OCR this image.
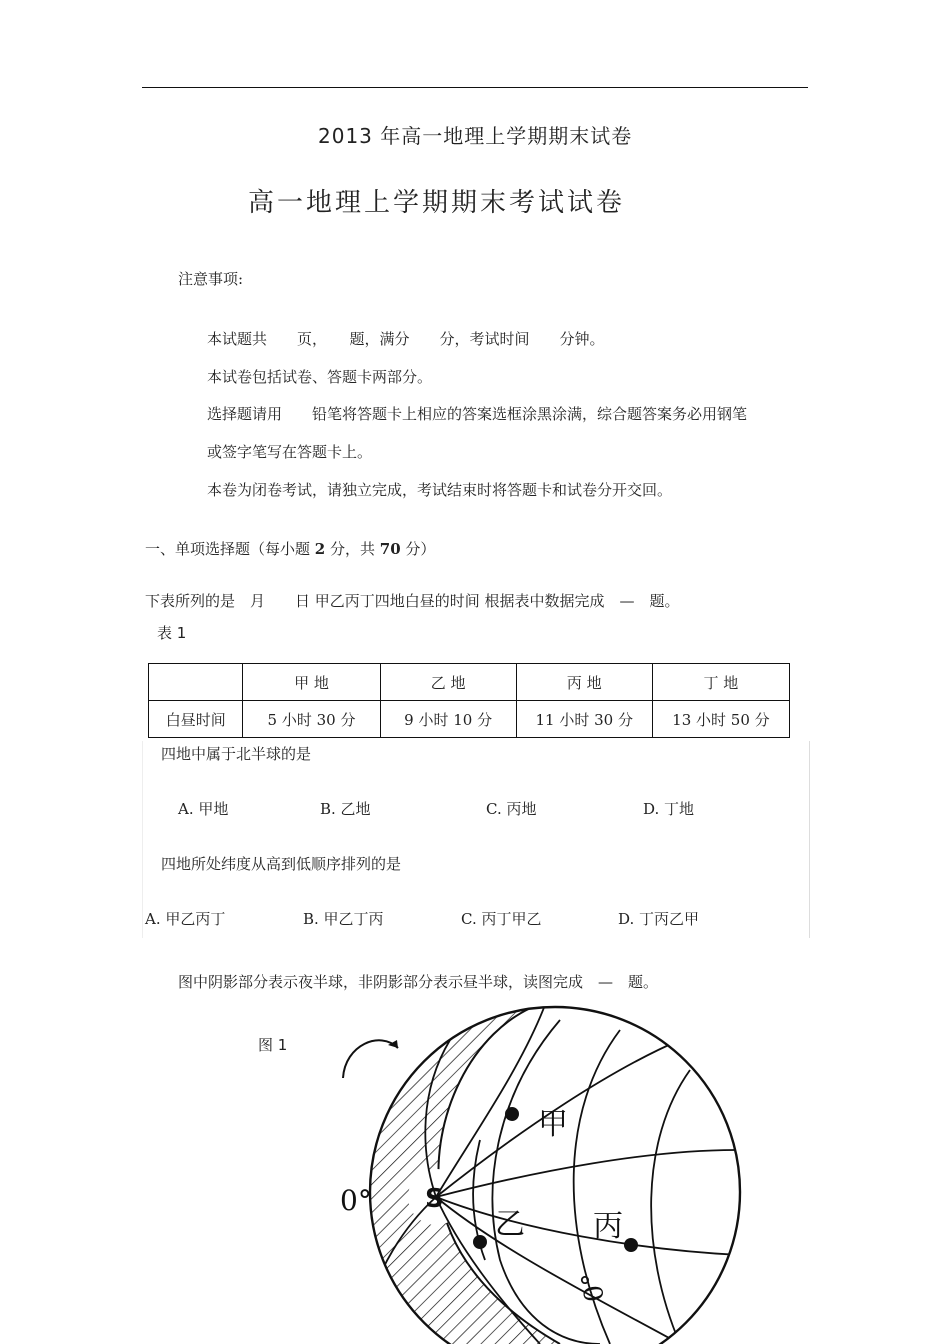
2013 年高一地理上学期期末试卷
高一地理上学期期末考试试卷
注意事项:
本试题共　　页，　　题，满分　　分，考试时间　　分钟。
本试卷包括试卷、答题卡两部分。
选择题请用　　铅笔将答题卡上相应的答案选框涂黑涂满，综合题答案务必用钢笔
或签字笔写在答题卡上。
本卷为闭卷考试，请独立完成，考试结束时将答题卡和试卷分开交回。
一、单项选择题（每小题 2 分，共 70 分）
下表所列的是　月　　日 甲乙丙丁四地白昼的时间 根据表中数据完成　—　题。
表 1
	甲 地	乙 地	丙 地	丁 地
白昼时间	5 小时 30 分	9 小时 10 分	11 小时 30 分	13 小时 50 分
四地中属于北半球的是
A. 甲地	B. 乙地	C. 丙地	D. 丁地
四地所处纬度从高到低顺序排列的是
A. 甲乙丙丁	B. 甲乙丁丙	C. 丙丁甲乙	D. 丁丙乙甲
图中阴影部分表示夜半球，非阴影部分表示昼半球，读图完成　—　题。
图 1
甲
乙 丙
S
0°
0°
